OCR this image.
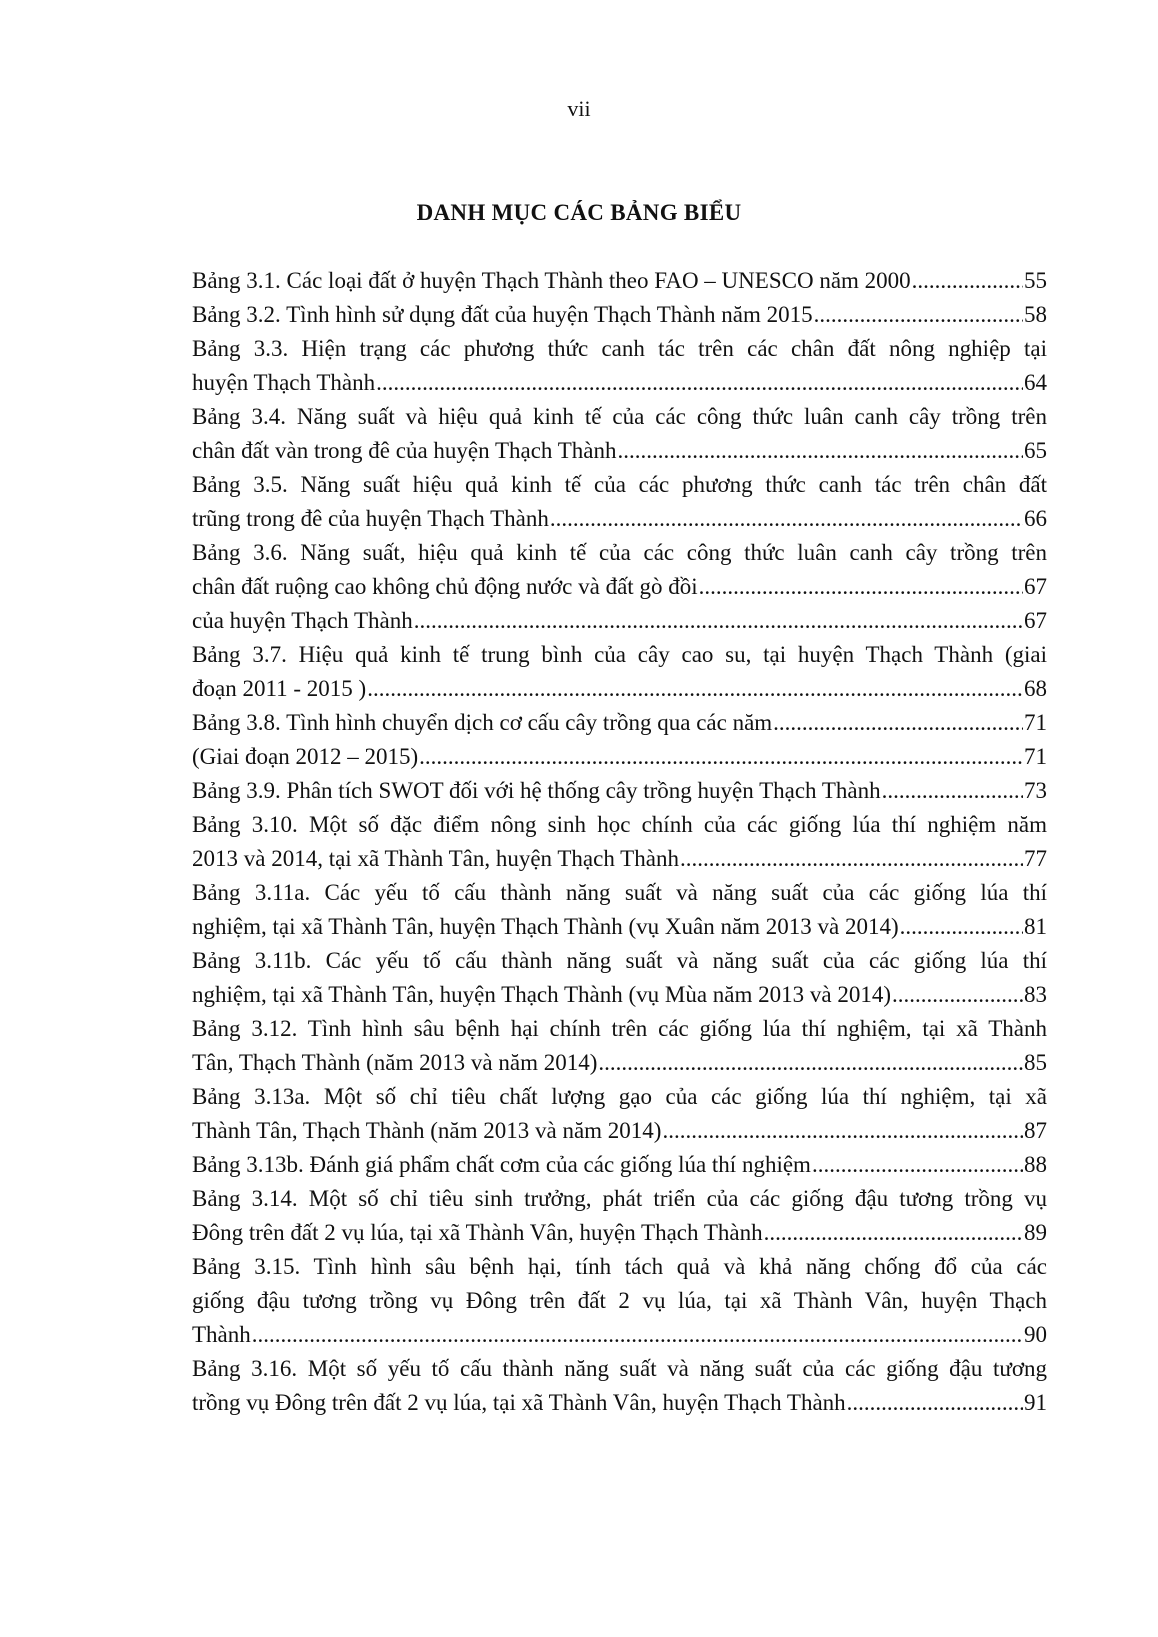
vii
DANH MỤC CÁC BẢNG BIỂU
Bảng 3.1. Các loại đất ở huyện Thạch Thành theo FAO – UNESCO năm 2000 .....	55
Bảng 3.2. Tình hình sử dụng đất của huyện Thạch Thành năm 2015 .....	58
Bảng 3.3. Hiện trạng các phương thức canh tác trên các chân đất nông nghiệp tại
huyện Thạch Thành .....	64
Bảng 3.4. Năng suất và hiệu quả kinh tế của các công thức luân canh cây trồng trên
chân đất vàn trong đê của huyện Thạch Thành .....	65
Bảng 3.5. Năng suất hiệu quả kinh tế của các phương thức canh tác trên chân đất
trũng trong đê của huyện Thạch Thành .....	66
Bảng 3.6. Năng suất, hiệu quả kinh tế của các công thức luân canh cây trồng trên
chân đất ruộng cao không chủ động nước và đất gò đồi .....	67
của huyện Thạch Thành .....	67
Bảng 3.7. Hiệu quả kinh tế trung bình của cây cao su, tại huyện Thạch Thành (giai
đoạn 2011 - 2015 ) .....	68
Bảng 3.8. Tình hình chuyển dịch cơ cấu cây trồng qua các năm .....	71
(Giai đoạn 2012 – 2015) .....	71
Bảng 3.9. Phân tích SWOT đối với hệ thống cây trồng huyện Thạch Thành .....	73
Bảng 3.10. Một số đặc điểm nông sinh học chính của các giống lúa thí nghiệm năm
2013 và 2014, tại xã Thành Tân, huyện Thạch Thành .....	77
Bảng 3.11a. Các yếu tố cấu thành năng suất và năng suất của các giống lúa thí
nghiệm, tại xã Thành Tân, huyện Thạch Thành (vụ Xuân năm 2013 và 2014) .....	81
Bảng 3.11b. Các yếu tố cấu thành năng suất và năng suất của các giống lúa thí
nghiệm, tại xã Thành Tân, huyện Thạch Thành (vụ Mùa năm 2013 và 2014) .....	83
Bảng 3.12. Tình hình sâu bệnh hại chính trên các giống lúa thí nghiệm, tại xã Thành
Tân, Thạch Thành (năm 2013 và năm 2014) .....	85
Bảng 3.13a. Một số chỉ tiêu chất lượng gạo của các giống lúa thí nghiệm, tại xã
Thành Tân, Thạch Thành (năm 2013 và năm 2014) .....	87
Bảng 3.13b. Đánh giá phẩm chất cơm của các giống lúa thí nghiệm .....	88
Bảng 3.14. Một số chỉ tiêu sinh trưởng, phát triển của các giống đậu tương trồng vụ
Đông trên đất 2 vụ lúa, tại xã Thành Vân, huyện Thạch Thành .....	89
Bảng 3.15. Tình hình sâu bệnh hại, tính tách quả và khả năng chống đổ của các
giống đậu tương trồng vụ Đông trên đất 2 vụ lúa, tại xã Thành Vân, huyện Thạch
Thành .....	90
Bảng 3.16. Một số yếu tố cấu thành năng suất và năng suất của các giống đậu tương
trồng vụ Đông trên đất 2 vụ lúa, tại xã Thành Vân, huyện Thạch Thành .....	91
